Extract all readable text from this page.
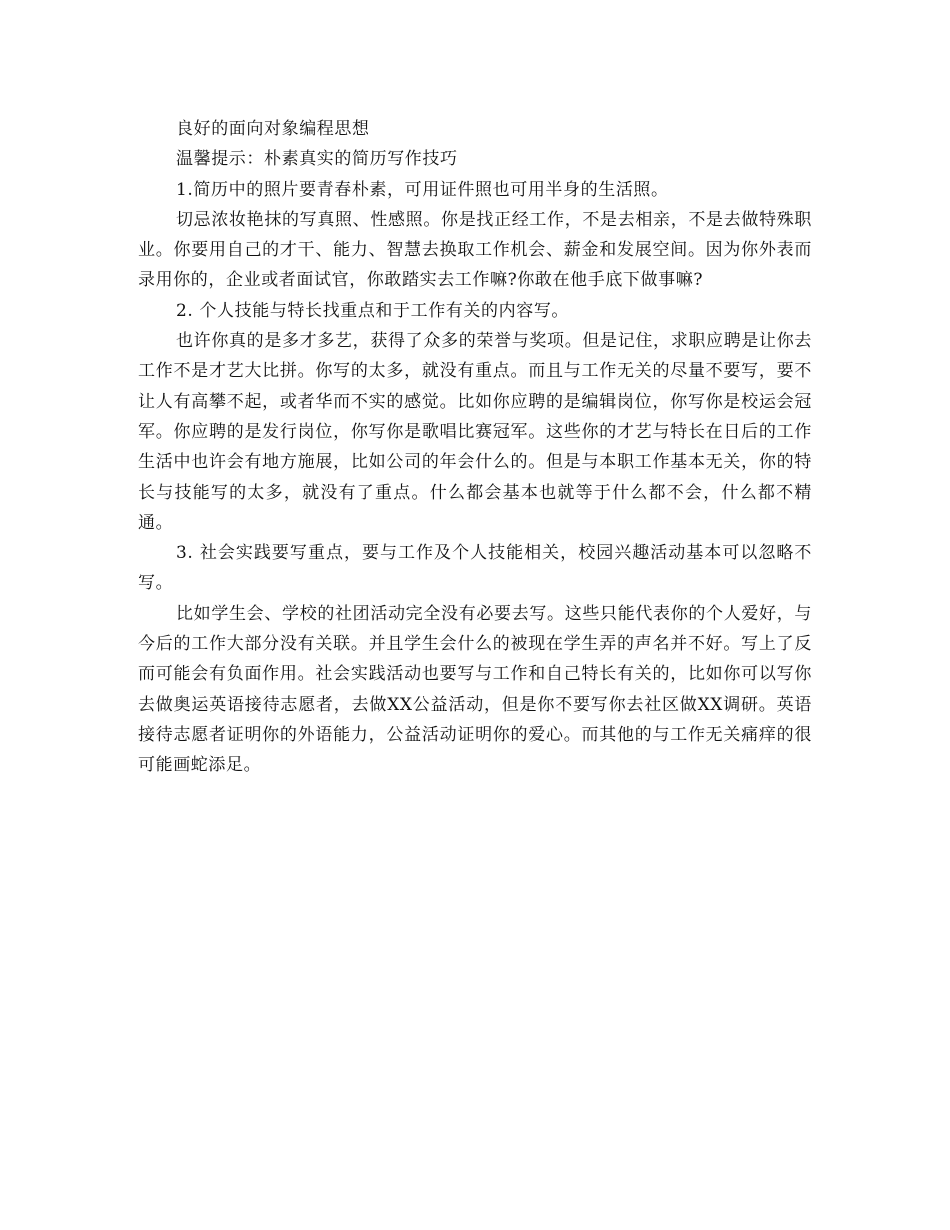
良好的面向对象编程思想

温馨提示：朴素真实的简历写作技巧

1.简历中的照片要青春朴素，可用证件照也可用半身的生活照。

切忌浓妆艳抹的写真照、性感照。你是找正经工作，不是去相亲，不是去做特殊职业。你要用自己的才干、能力、智慧去换取工作机会、薪金和发展空间。因为你外表而录用你的，企业或者面试官，你敢踏实去工作嘛?你敢在他手底下做事嘛?

2. 个人技能与特长找重点和于工作有关的内容写。

也许你真的是多才多艺，获得了众多的荣誉与奖项。但是记住，求职应聘是让你去工作不是才艺大比拼。你写的太多，就没有重点。而且与工作无关的尽量不要写，要不让人有高攀不起，或者华而不实的感觉。比如你应聘的是编辑岗位，你写你是校运会冠军。你应聘的是发行岗位，你写你是歌唱比赛冠军。这些你的才艺与特长在日后的工作生活中也许会有地方施展，比如公司的年会什么的。但是与本职工作基本无关，你的特长与技能写的太多，就没有了重点。什么都会基本也就等于什么都不会，什么都不精通。

3. 社会实践要写重点，要与工作及个人技能相关，校园兴趣活动基本可以忽略不写。

比如学生会、学校的社团活动完全没有必要去写。这些只能代表你的个人爱好，与今后的工作大部分没有关联。并且学生会什么的被现在学生弄的声名并不好。写上了反而可能会有负面作用。社会实践活动也要写与工作和自己特长有关的，比如你可以写你去做奥运英语接待志愿者，去做XX公益活动，但是你不要写你去社区做XX调研。英语接待志愿者证明你的外语能力，公益活动证明你的爱心。而其他的与工作无关痛痒的很可能画蛇添足。
